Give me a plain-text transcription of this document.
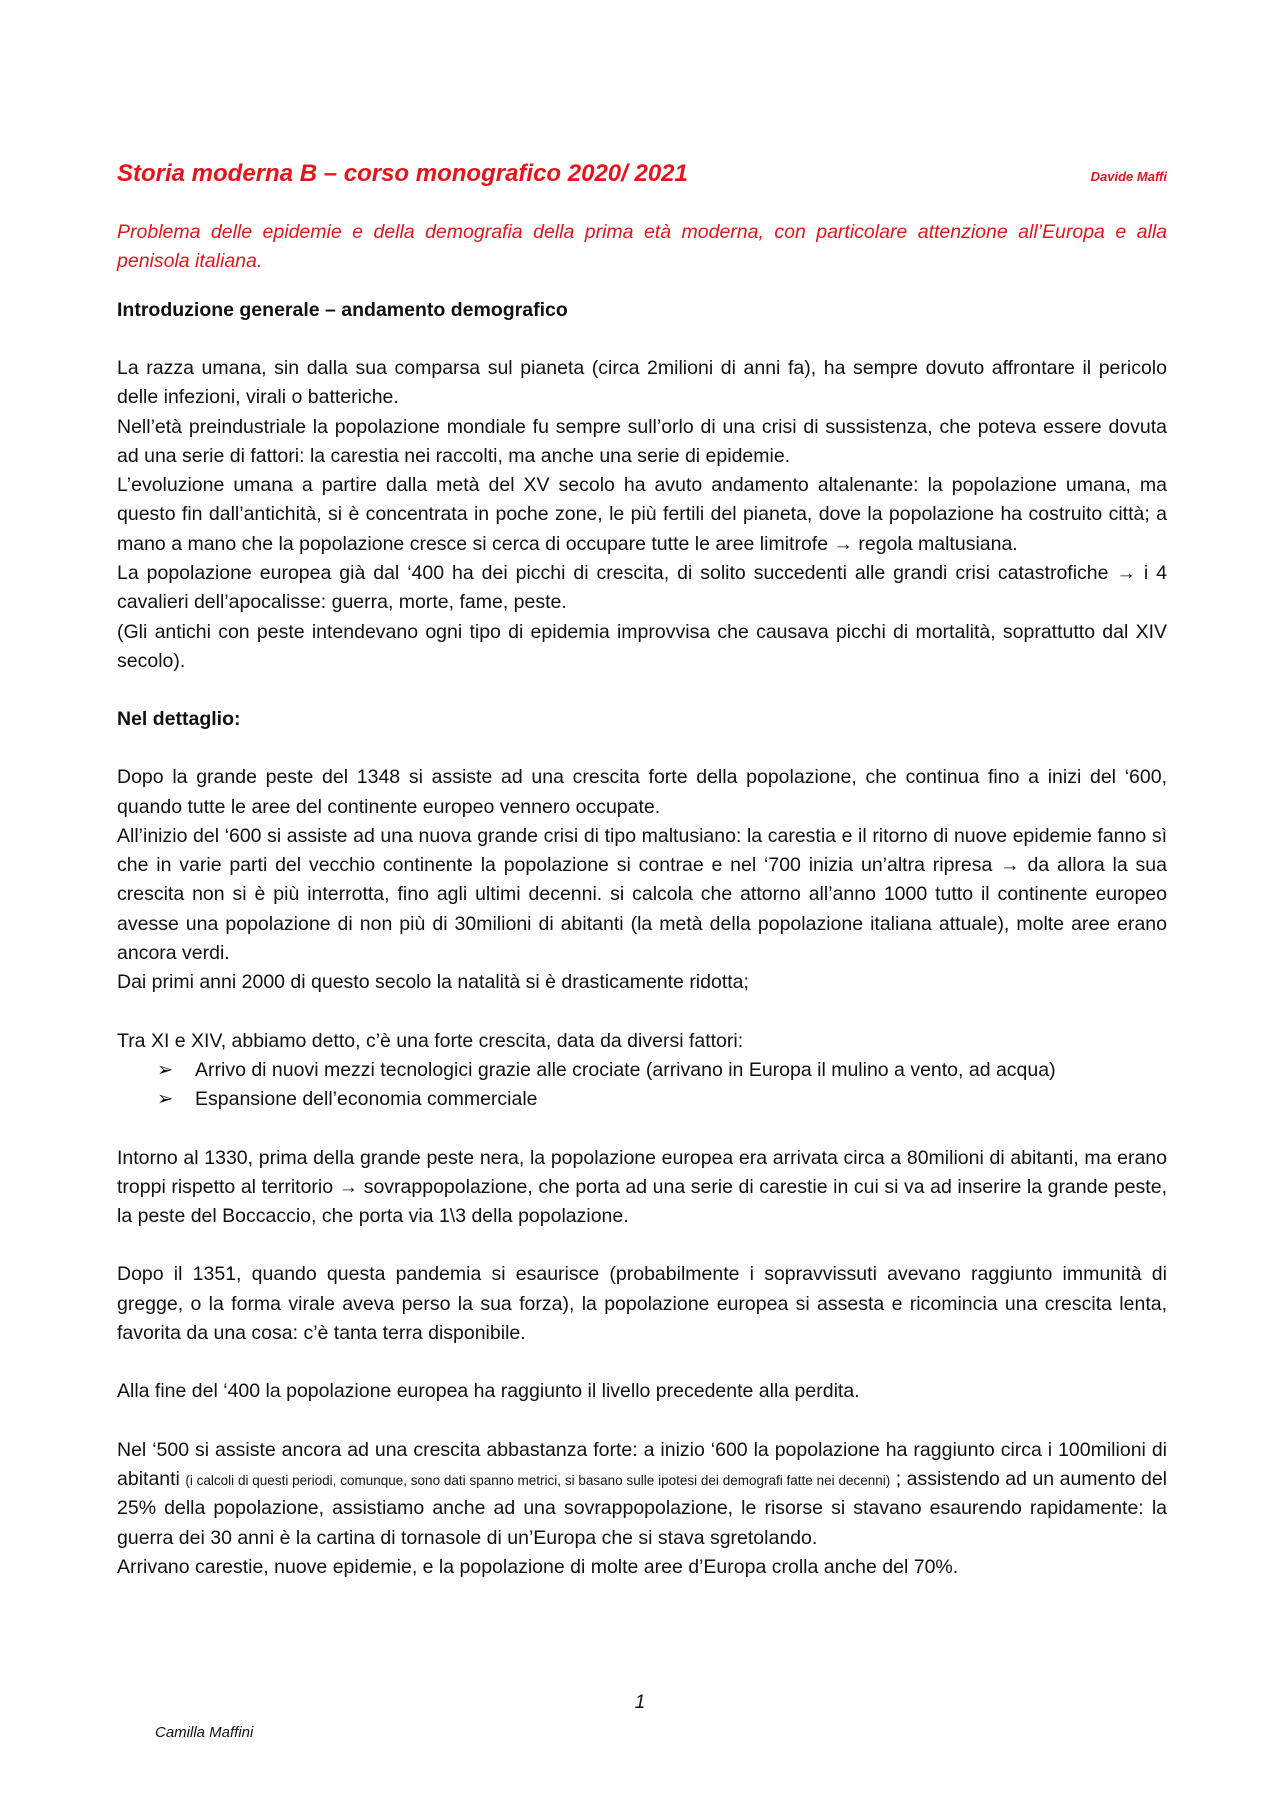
Storia moderna B – corso monografico 2020/ 2021	Davide Maffi

Problema delle epidemie e della demografia della prima età moderna, con particolare attenzione all’Europa e alla penisola italiana.

Introduzione generale – andamento demografico

La razza umana, sin dalla sua comparsa sul pianeta (circa 2milioni di anni fa), ha sempre dovuto affrontare il pericolo delle infezioni, virali o batteriche.

Nell’età preindustriale la popolazione mondiale fu sempre sull’orlo di una crisi di sussistenza, che poteva essere dovuta ad una serie di fattori: la carestia nei raccolti, ma anche una serie di epidemie.

L’evoluzione umana a partire dalla metà del XV secolo ha avuto andamento altalenante: la popolazione umana, ma questo fin dall’antichità, si è concentrata in poche zone, le più fertili del pianeta, dove la popolazione ha costruito città; a mano a mano che la popolazione cresce si cerca di occupare tutte le aree limitrofe → regola maltusiana.

La popolazione europea già dal ‘400 ha dei picchi di crescita, di solito succedenti alle grandi crisi catastrofiche → i 4 cavalieri dell’apocalisse: guerra, morte, fame, peste.

(Gli antichi con peste intendevano ogni tipo di epidemia improvvisa che causava picchi di mortalità, soprattutto dal XIV secolo).

Nel dettaglio:

Dopo la grande peste del 1348 si assiste ad una crescita forte della popolazione, che continua fino a inizi del ‘600, quando tutte le aree del continente europeo vennero occupate.

All’inizio del ‘600 si assiste ad una nuova grande crisi di tipo maltusiano: la carestia e il ritorno di nuove epidemie fanno sì che in varie parti del vecchio continente la popolazione si contrae e nel ‘700 inizia un’altra ripresa → da allora la sua crescita non si è più interrotta, fino agli ultimi decenni. si calcola che attorno all’anno 1000 tutto il continente europeo avesse una popolazione di non più di 30milioni di abitanti (la metà della popolazione italiana attuale), molte aree erano ancora verdi.

Dai primi anni 2000 di questo secolo la natalità si è drasticamente ridotta;

Tra XI e XIV, abbiamo detto, c’è una forte crescita, data da diversi fattori:

➢ Arrivo di nuovi mezzi tecnologici grazie alle crociate (arrivano in Europa il mulino a vento, ad acqua)
➢ Espansione dell’economia commerciale

Intorno al 1330, prima della grande peste nera, la popolazione europea era arrivata circa a 80milioni di abitanti, ma erano troppi rispetto al territorio → sovrappopolazione, che porta ad una serie di carestie in cui si va ad inserire la grande peste, la peste del Boccaccio, che porta via 1\3 della popolazione.

Dopo il 1351, quando questa pandemia si esaurisce (probabilmente i sopravvissuti avevano raggiunto immunità di gregge, o la forma virale aveva perso la sua forza), la popolazione europea si assesta e ricomincia una crescita lenta, favorita da una cosa: c’è tanta terra disponibile.

Alla fine del ‘400 la popolazione europea ha raggiunto il livello precedente alla perdita.

Nel ‘500 si assiste ancora ad una crescita abbastanza forte: a inizio ‘600 la popolazione ha raggiunto circa i 100milioni di abitanti (i calcoli di questi periodi, comunque, sono dati spanno metrici, si basano sulle ipotesi dei demografi fatte nei decenni) ; assistendo ad un aumento del 25% della popolazione, assistiamo anche ad una sovrappopolazione, le risorse si stavano esaurendo rapidamente: la guerra dei 30 anni è la cartina di tornasole di un’Europa che si stava sgretolando.

Arrivano carestie, nuove epidemie, e la popolazione di molte aree d’Europa crolla anche del 70%.

1
Camilla Maffini
